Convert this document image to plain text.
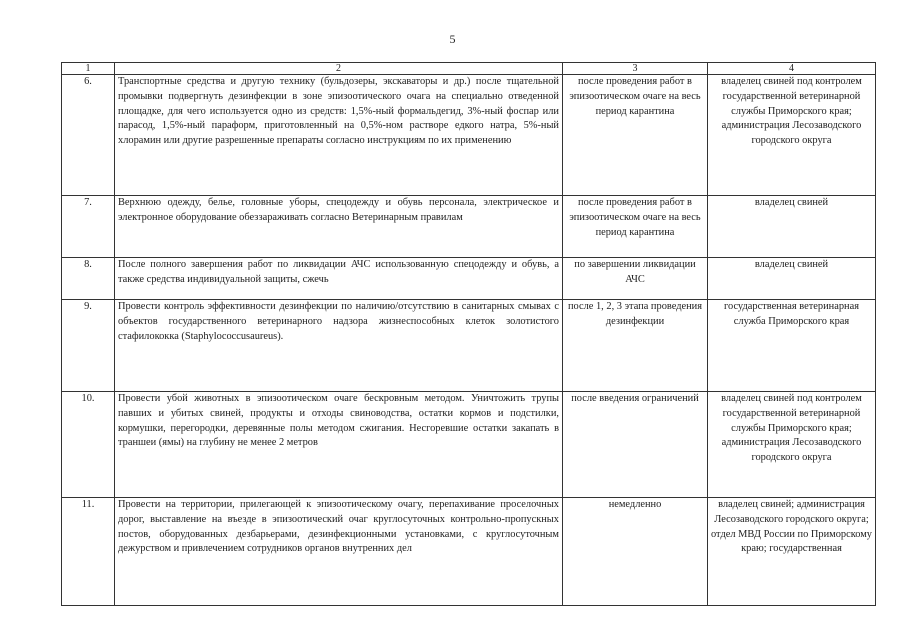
5
1	2	3	4
6.	Транспортные средства и другую технику (бульдозеры, экскаваторы и др.) после тщательной промывки подвергнуть дезинфекции в зоне эпизоотического очага на специально отведенной площадке, для чего используется одно из средств: 1,5%-ный формальдегид, 3%-ный фоспар или парасод, 1,5%-ный параформ, приготовленный на 0,5%-ном растворе едкого натра, 5%-ный хлорамин или другие разрешенные препараты согласно инструкциям по их применению	после проведения работ в эпизоотическом очаге на весь период карантина	владелец свиней под контролем государственной ветеринарной службы Приморского края; администрация Лесозаводского городского округа
7.	Верхнюю одежду, белье, головные уборы, спецодежду и обувь персонала, электрическое и электронное оборудование обеззараживать согласно Ветеринарным правилам	после проведения работ в эпизоотическом очаге на весь период карантина	владелец свиней
8.	После полного завершения работ по ликвидации АЧС использованную спецодежду и обувь, а также средства индивидуальной защиты, сжечь	по завершении ликвидации АЧС	владелец свиней
9.	Провести контроль эффективности дезинфекции по наличию/отсутствию в санитарных смывах с объектов государственного ветеринарного надзора жизнеспособных клеток золотистого стафилококка (Staphylococcusaureus).	после 1, 2, 3 этапа проведения дезинфекции	государственная ветеринарная служба Приморского края
10.	Провести убой животных в эпизоотическом очаге бескровным методом. Уничтожить трупы павших и убитых свиней, продукты и отходы свиноводства, остатки кормов и подстилки, кормушки, перегородки, деревянные полы методом сжигания. Несгоревшие остатки закапать в траншеи (ямы) на глубину не менее 2 метров	после введения ограничений	владелец свиней под контролем государственной ветеринарной службы Приморского края; администрация Лесозаводского городского округа
11.	Провести на территории, прилегающей к эпизоотическому очагу, перепахивание проселочных дорог, выставление на въезде в эпизоотический очаг круглосуточных контрольно-пропускных постов, оборудованных дезбарьерами, дезинфекционными установками, с круглосуточным дежурством и привлечением сотрудников органов внутренних дел	немедленно	владелец свиней; администрация Лесозаводского городского округа; отдел МВД России по Приморскому краю; государственная
